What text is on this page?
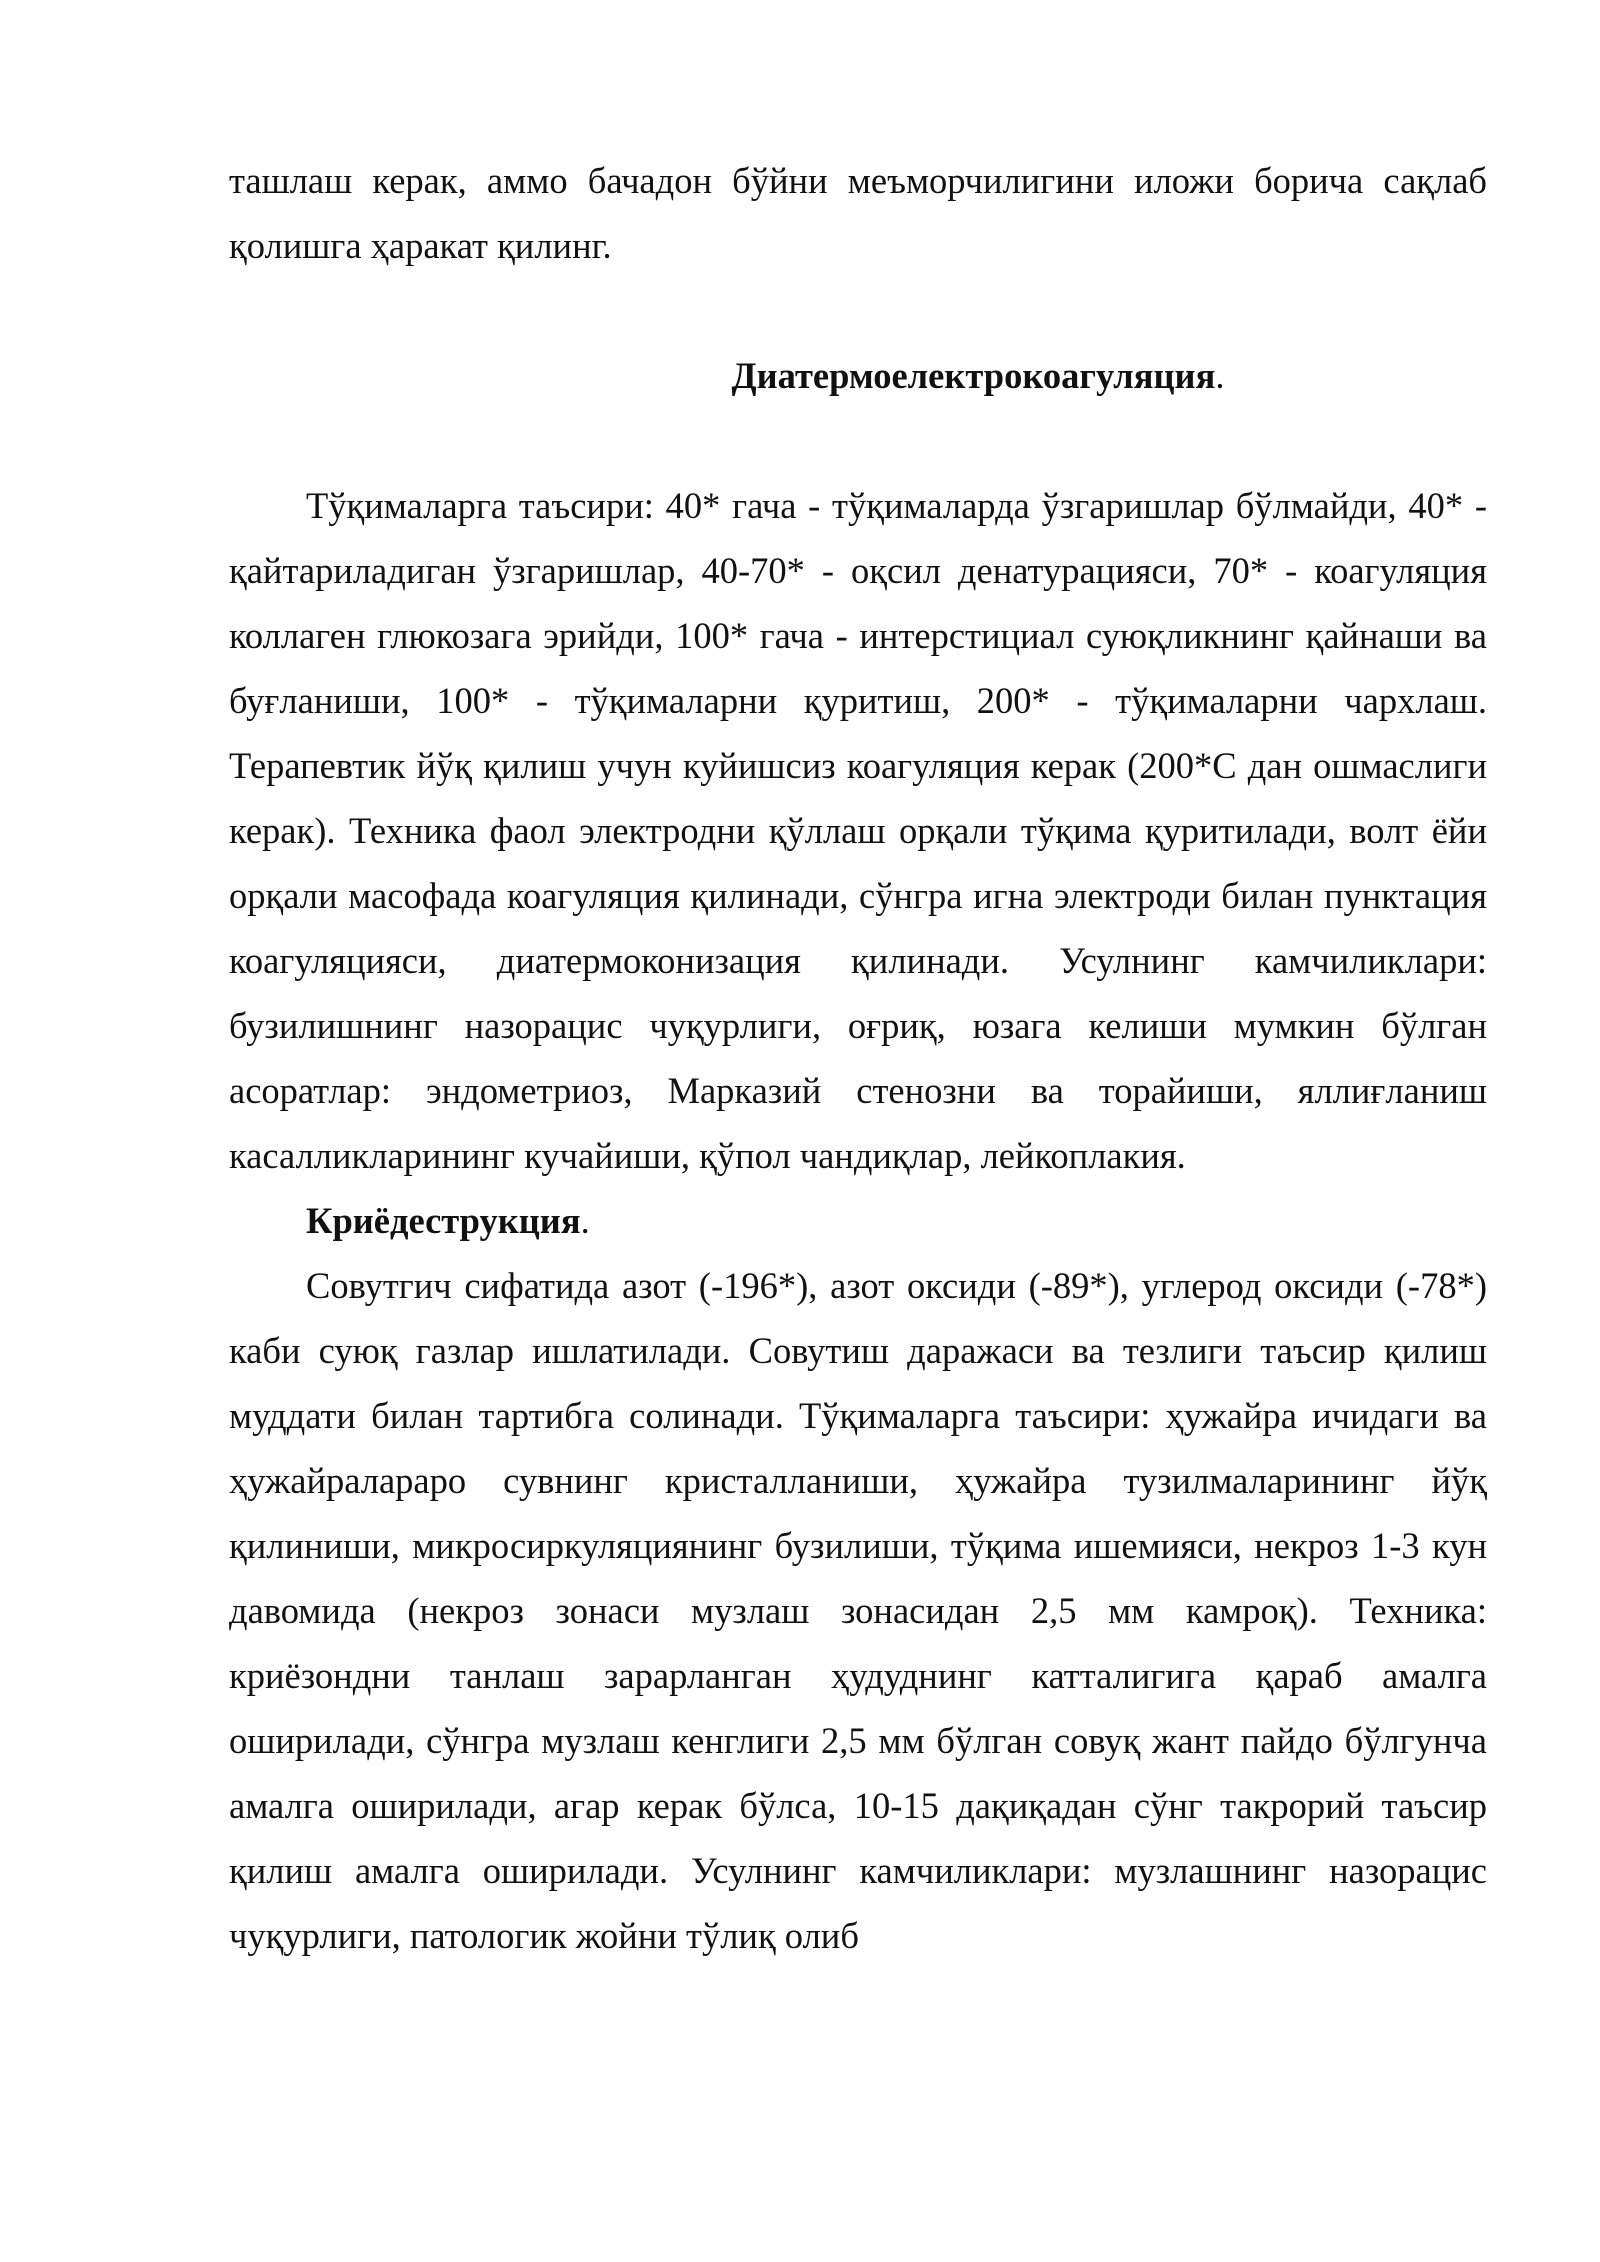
ташлаш керак, аммо бачадон бўйни меъморчилигини иложи борича сақлаб қолишга ҳаракат қилинг.

Диатермоелектрокоагуляция.

Тўқималарга таъсири: 40* гача - тўқималарда ўзгаришлар бўлмайди, 40* - қайтариладиган ўзгаришлар, 40-70* - оқсил денатурацияси, 70* - коагуляция коллаген глюкозага эрийди, 100* гача - интерстициал суюқликнинг қайнаши ва буғланиши, 100* - тўқималарни қуритиш, 200* - тўқималарни чархлаш. Терапевтик йўқ қилиш учун куйишсиз коагуляция керак (200*С дан ошмаслиги керак). Техника фаол электродни қўллаш орқали тўқима қуритилади, волт ёйи орқали масофада коагуляция қилинади, сўнгра игна электроди билан пунктация коагуляцияси, диатермоконизация қилинади. Усулнинг камчиликлари: бузилишнинг назорацис чуқурлиги, оғриқ, юзага келиши мумкин бўлган асоратлар: эндометриоз, Марказий стенозни ва торайиши, яллиғланиш касалликларининг кучайиши, қўпол чандиқлар, лейкоплакия.

Криёдеструкция.

Совутгич сифатида азот (-196*), азот оксиди (-89*), углерод оксиди (-78*) каби суюқ газлар ишлатилади. Совутиш даражаси ва тезлиги таъсир қилиш муддати билан тартибга солинади. Тўқималарга таъсири: ҳужайра ичидаги ва ҳужайралараро сувнинг кристалланиши, ҳужайра тузилмаларининг йўқ қилиниши, микросиркуляциянинг бузилиши, тўқима ишемияси, некроз 1-3 кун давомида (некроз зонаси музлаш зонасидан 2,5 мм камроқ). Техника: криёзондни танлаш зарарланган ҳудуднинг катталигига қараб амалга оширилади, сўнгра музлаш кенглиги 2,5 мм бўлган совуқ жант пайдо бўлгунча амалга оширилади, агар керак бўлса, 10-15 дақиқадан сўнг такрорий таъсир қилиш амалга оширилади. Усулнинг камчиликлари: музлашнинг назорацис чуқурлиги, патологик жойни тўлиқ олиб
